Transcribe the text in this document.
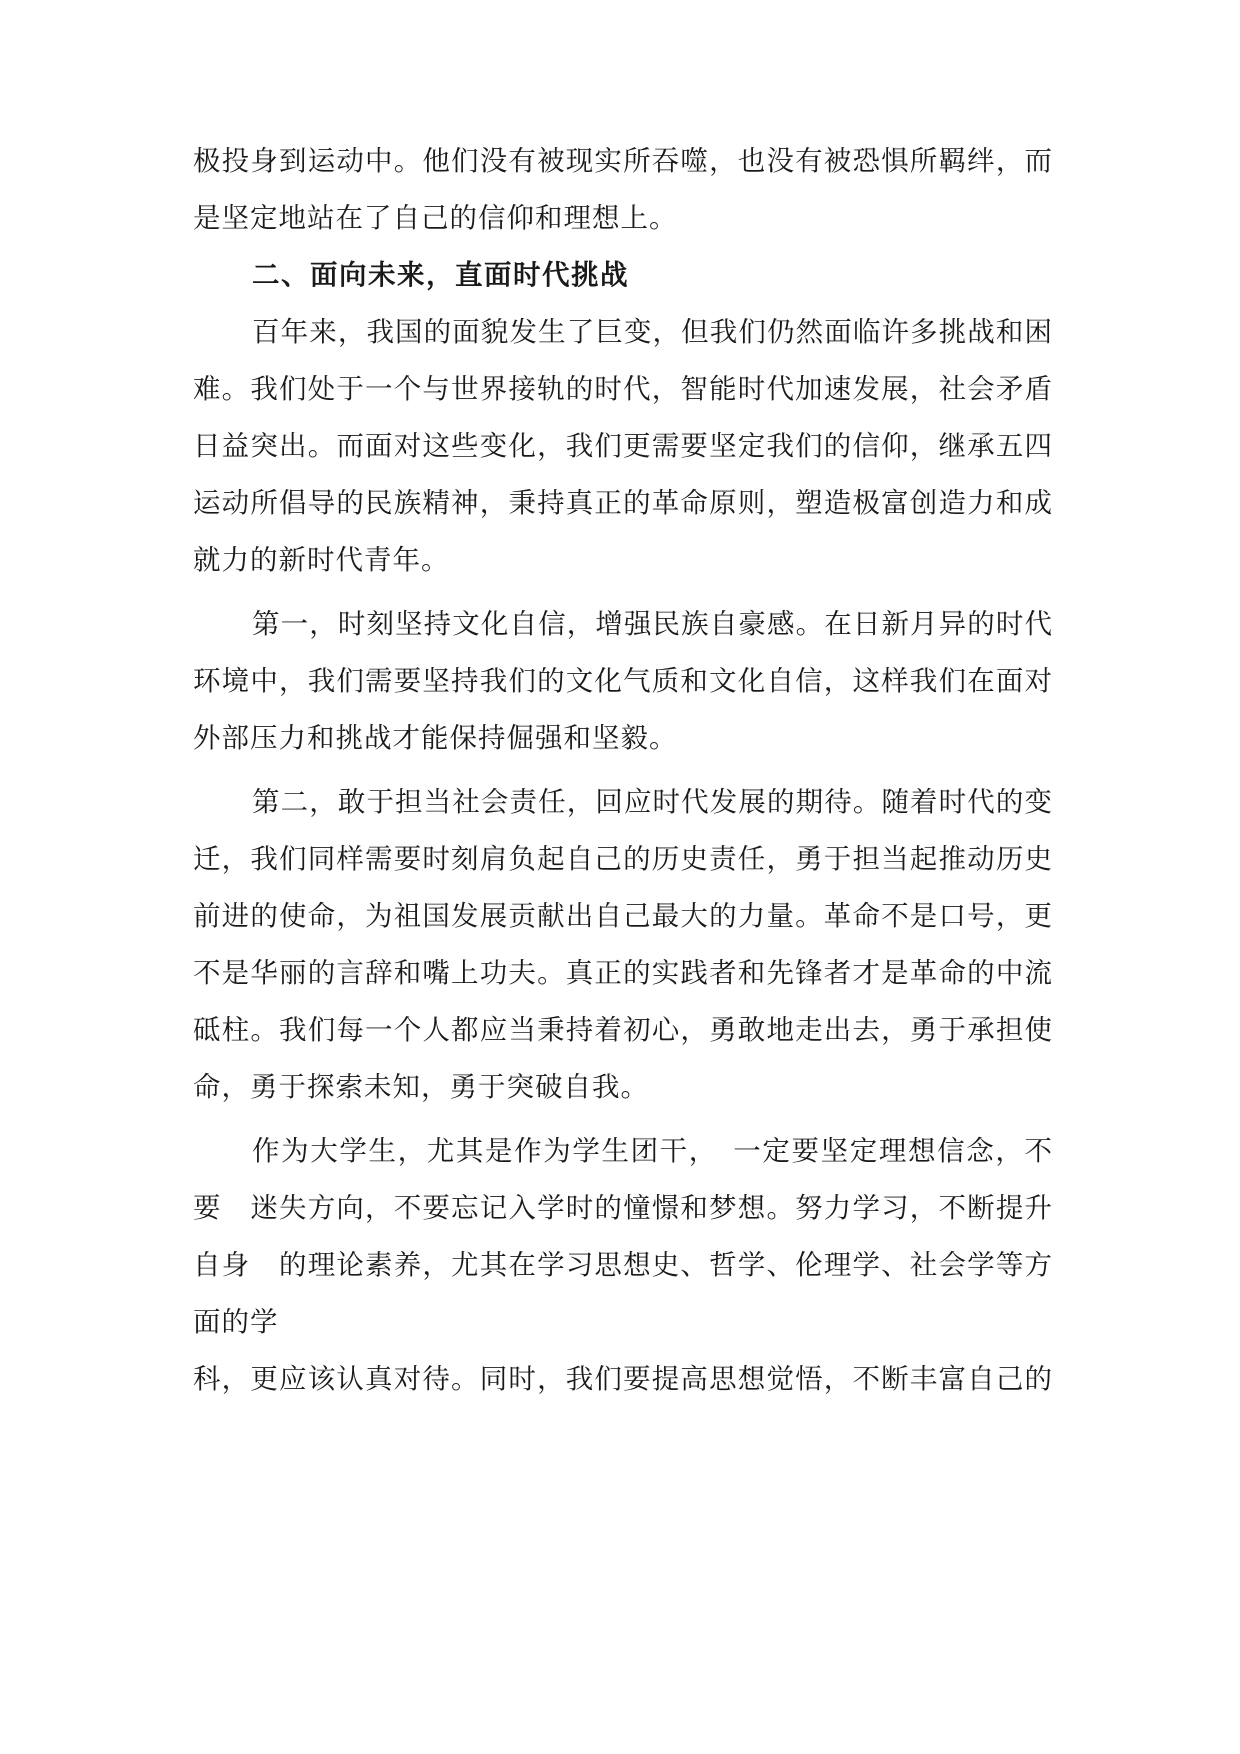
极投身到运动中。他们没有被现实所吞噬，也没有被恐惧所羁绊，而
是坚定地站在了自己的信仰和理想上。
二、面向未来，直面时代挑战
百年来，我国的面貌发生了巨变，但我们仍然面临许多挑战和困
难。我们处于一个与世界接轨的时代，智能时代加速发展，社会矛盾
日益突出。而面对这些变化，我们更需要坚定我们的信仰，继承五四
运动所倡导的民族精神，秉持真正的革命原则，塑造极富创造力和成
就力的新时代青年。
第一，时刻坚持文化自信，增强民族自豪感。在日新月异的时代
环境中，我们需要坚持我们的文化气质和文化自信，这样我们在面对
外部压力和挑战才能保持倔强和坚毅。
第二，敢于担当社会责任，回应时代发展的期待。随着时代的变
迁，我们同样需要时刻肩负起自己的历史责任，勇于担当起推动历史
前进的使命，为祖国发展贡献出自己最大的力量。革命不是口号，更
不是华丽的言辞和嘴上功夫。真正的实践者和先锋者才是革命的中流
砥柱。我们每一个人都应当秉持着初心，勇敢地走出去，勇于承担使
命，勇于探索未知，勇于突破自我。
作为大学生，尤其是作为学生团干，　一定要坚定理想信念，不
要　迷失方向，不要忘记入学时的憧憬和梦想。努力学习，不断提升
自身　的理论素养，尤其在学习思想史、哲学、伦理学、社会学等方
面的学
科，更应该认真对待。同时，我们要提高思想觉悟，不断丰富自己的
